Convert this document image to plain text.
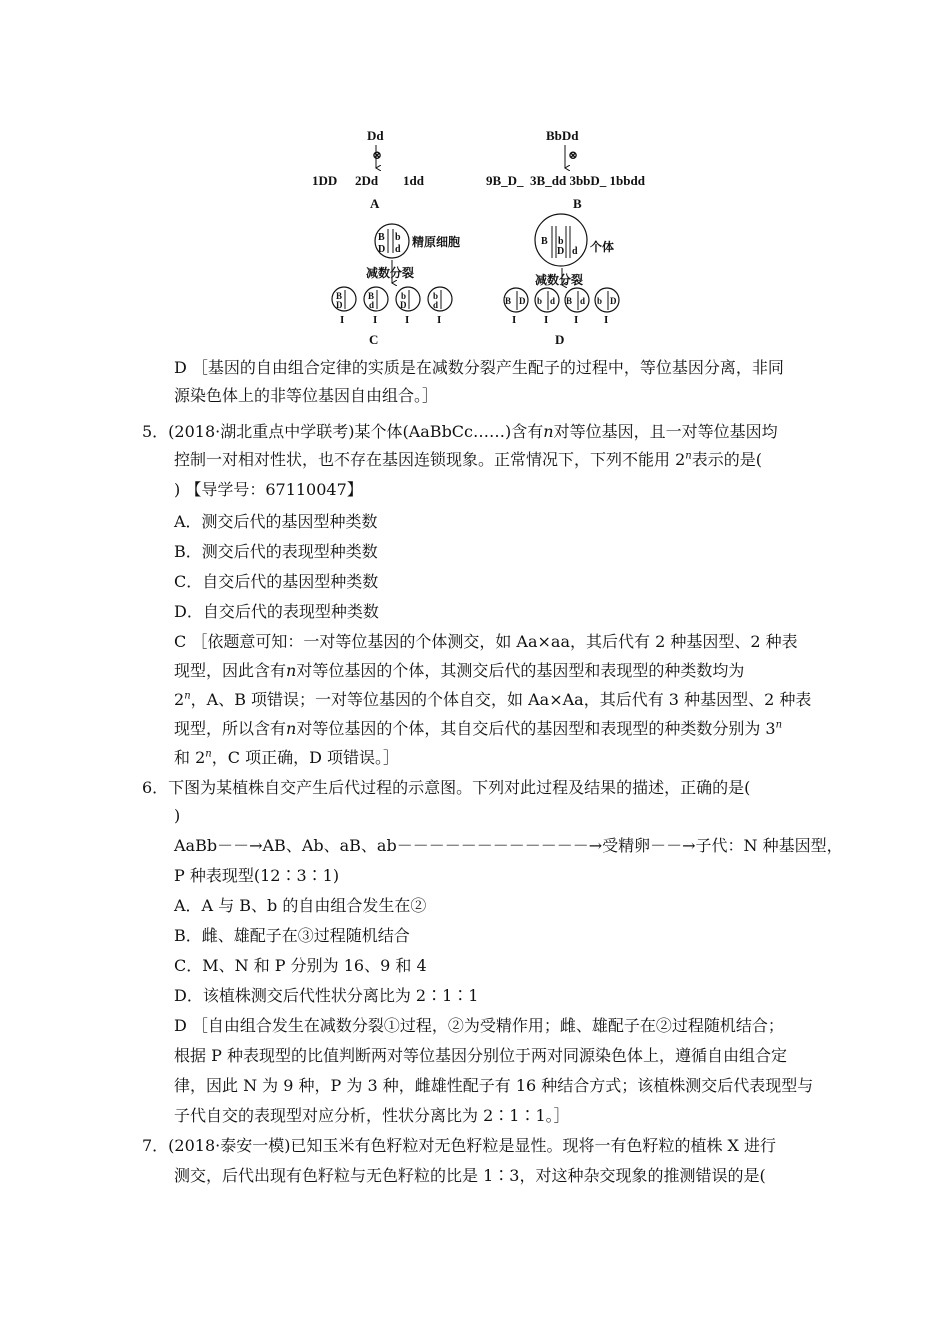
Dd
⊗
1DD 2Dd 1dd
A
BbDd
⊗
9B_D_  3B_dd 3bbD_ 1bbdd
B
B b
D d
精原细胞
减数分裂
B
D
B
d
b
D
b
d
I	I	I	I
C
B b
D d 个体
减数分裂
B D b d B d b D
I	I I I
D
D ［基因的自由组合定律的实质是在减数分裂产生配子的过程中，等位基因分离，非同
源染色体上的非等位基因自由组合。］
5．(2018·湖北重点中学联考)某个体(AaBbCc……)含有n对等位基因，且一对等位基因均
控制一对相对性状，也不存在基因连锁现象。正常情况下，下列不能用 2$^n$表示的是(
) 【导学号：67110047】
A．测交后代的基因型种类数
B．测交后代的表现型种类数
C．自交后代的基因型种类数
D．自交后代的表现型种类数
C ［依题意可知：一对等位基因的个体测交，如 Aa×aa，其后代有 2 种基因型、2 种表
现型，因此含有n对等位基因的个体，其测交后代的基因型和表现型的种类数均为
2$^n$，A、B 项错误；一对等位基因的个体自交，如 Aa×Aa，其后代有 3 种基因型、2 种表
现型，所以含有n对等位基因的个体，其自交后代的基因型和表现型的种类数分别为 3$^n$
和 2$^n$，C 项正确，D 项错误。］
6．下图为某植株自交产生后代过程的示意图。下列对此过程及结果的描述，正确的是(
)
AaBb－－→AB、Ab、aB、ab－－－－－－－－－－－－→受精卵－－→子代：N 种基因型，
P 种表现型(12∶3∶1)
A．A 与 B、b 的自由组合发生在②
B．雌、雄配子在③过程随机结合
C．M、N 和 P 分别为 16、9 和 4
D．该植株测交后代性状分离比为 2∶1∶1
D ［自由组合发生在减数分裂①过程，②为受精作用；雌、雄配子在②过程随机结合；
根据 P 种表现型的比值判断两对等位基因分别位于两对同源染色体上，遵循自由组合定
律，因此 N 为 9 种，P 为 3 种，雌雄性配子有 16 种结合方式；该植株测交后代表现型与
子代自交的表现型对应分析，性状分离比为 2∶1∶1。］
7．(2018·泰安一模)已知玉米有色籽粒对无色籽粒是显性。现将一有色籽粒的植株 X 进行
测交，后代出现有色籽粒与无色籽粒的比是 1∶3，对这种杂交现象的推测错误的是(
